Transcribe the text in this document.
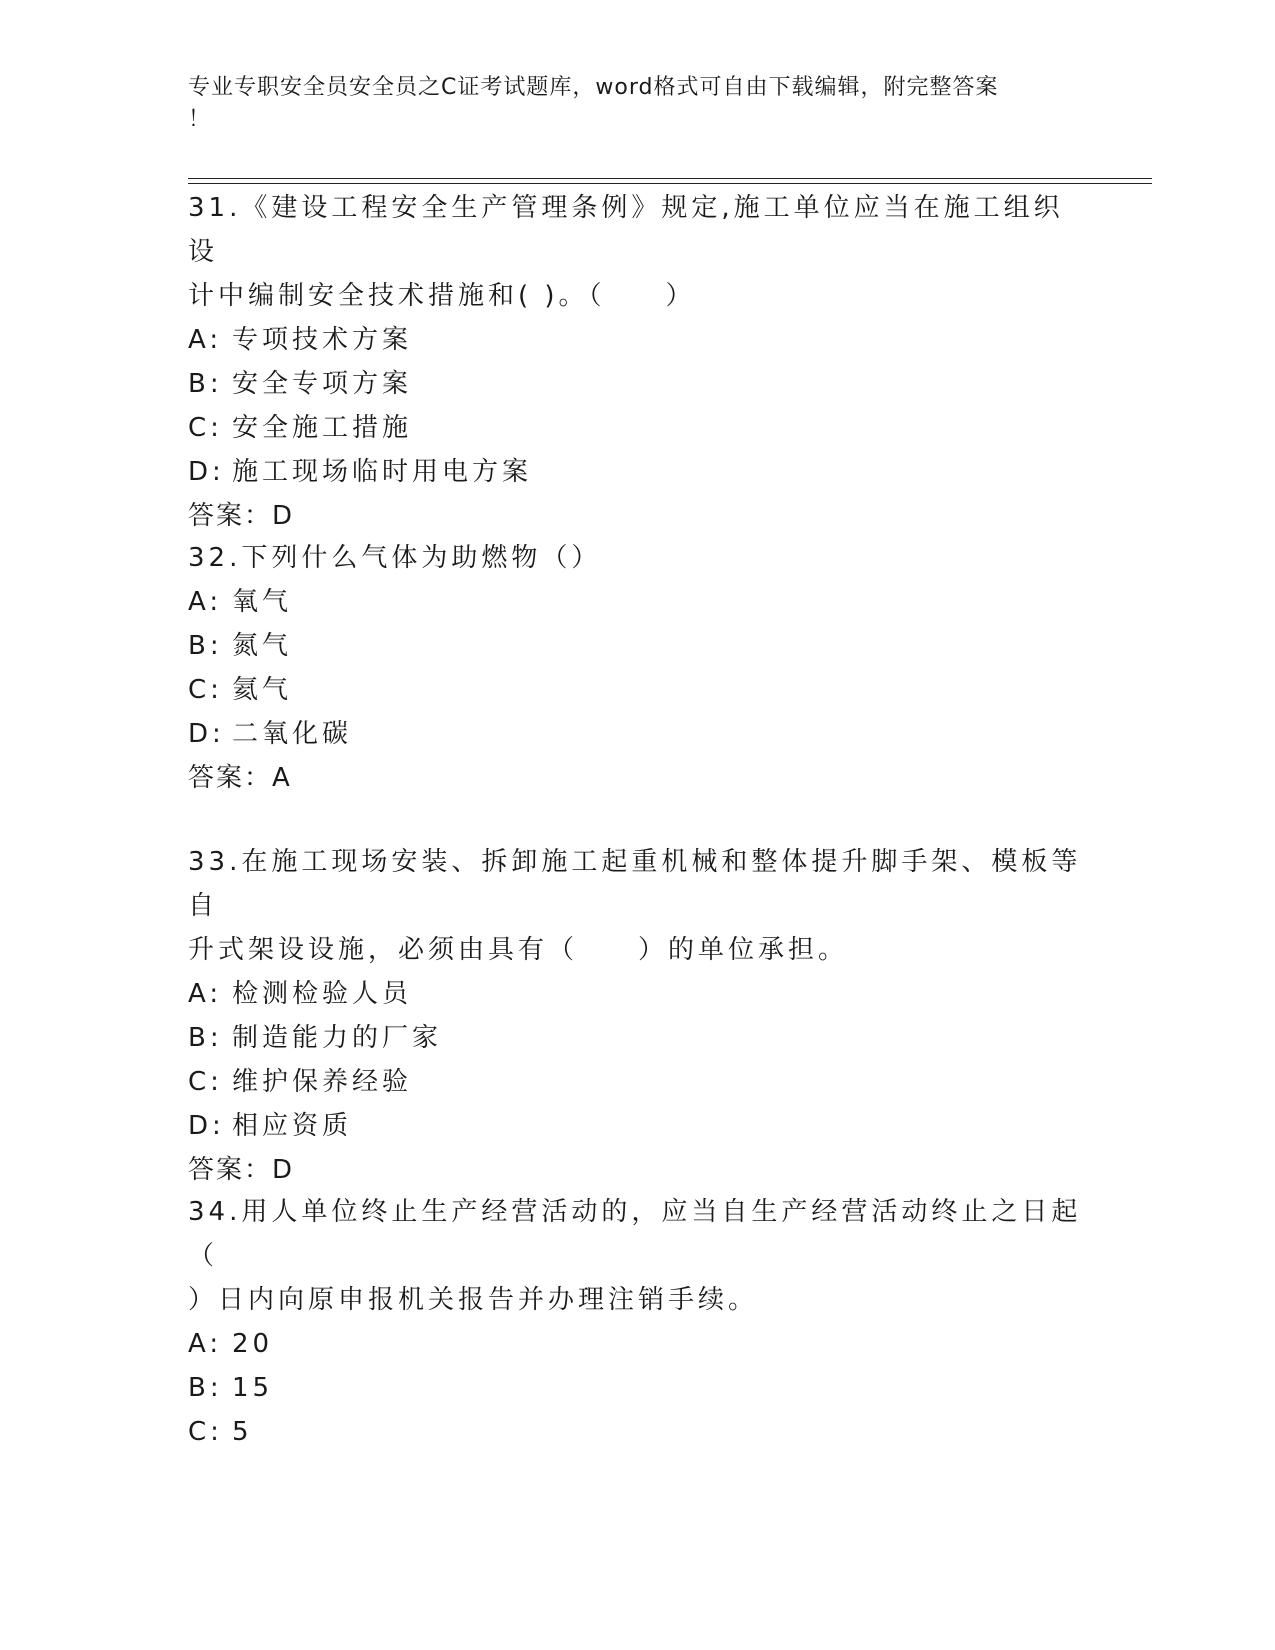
专业专职安全员安全员之C证考试题库，word格式可自由下载编辑，附完整答案
！

31.《建设工程安全生产管理条例》规定,施工单位应当在施工组织设

计中编制安全技术措施和( )。（　　）

A: 专项技术方案

B: 安全专项方案

C: 安全施工措施

D: 施工现场临时用电方案

答案：D

32.下列什么气体为助燃物（）

A: 氧气

B: 氮气

C: 氦气

D: 二氧化碳

答案：A

33.在施工现场安装、拆卸施工起重机械和整体提升脚手架、模板等自

升式架设设施，必须由具有（　　）的单位承担。

A: 检测检验人员

B: 制造能力的厂家

C: 维护保养经验

D: 相应资质

答案：D

34.用人单位终止生产经营活动的，应当自生产经营活动终止之日起（

）日内向原申报机关报告并办理注销手续。

A: 20

B: 15

C: 5
